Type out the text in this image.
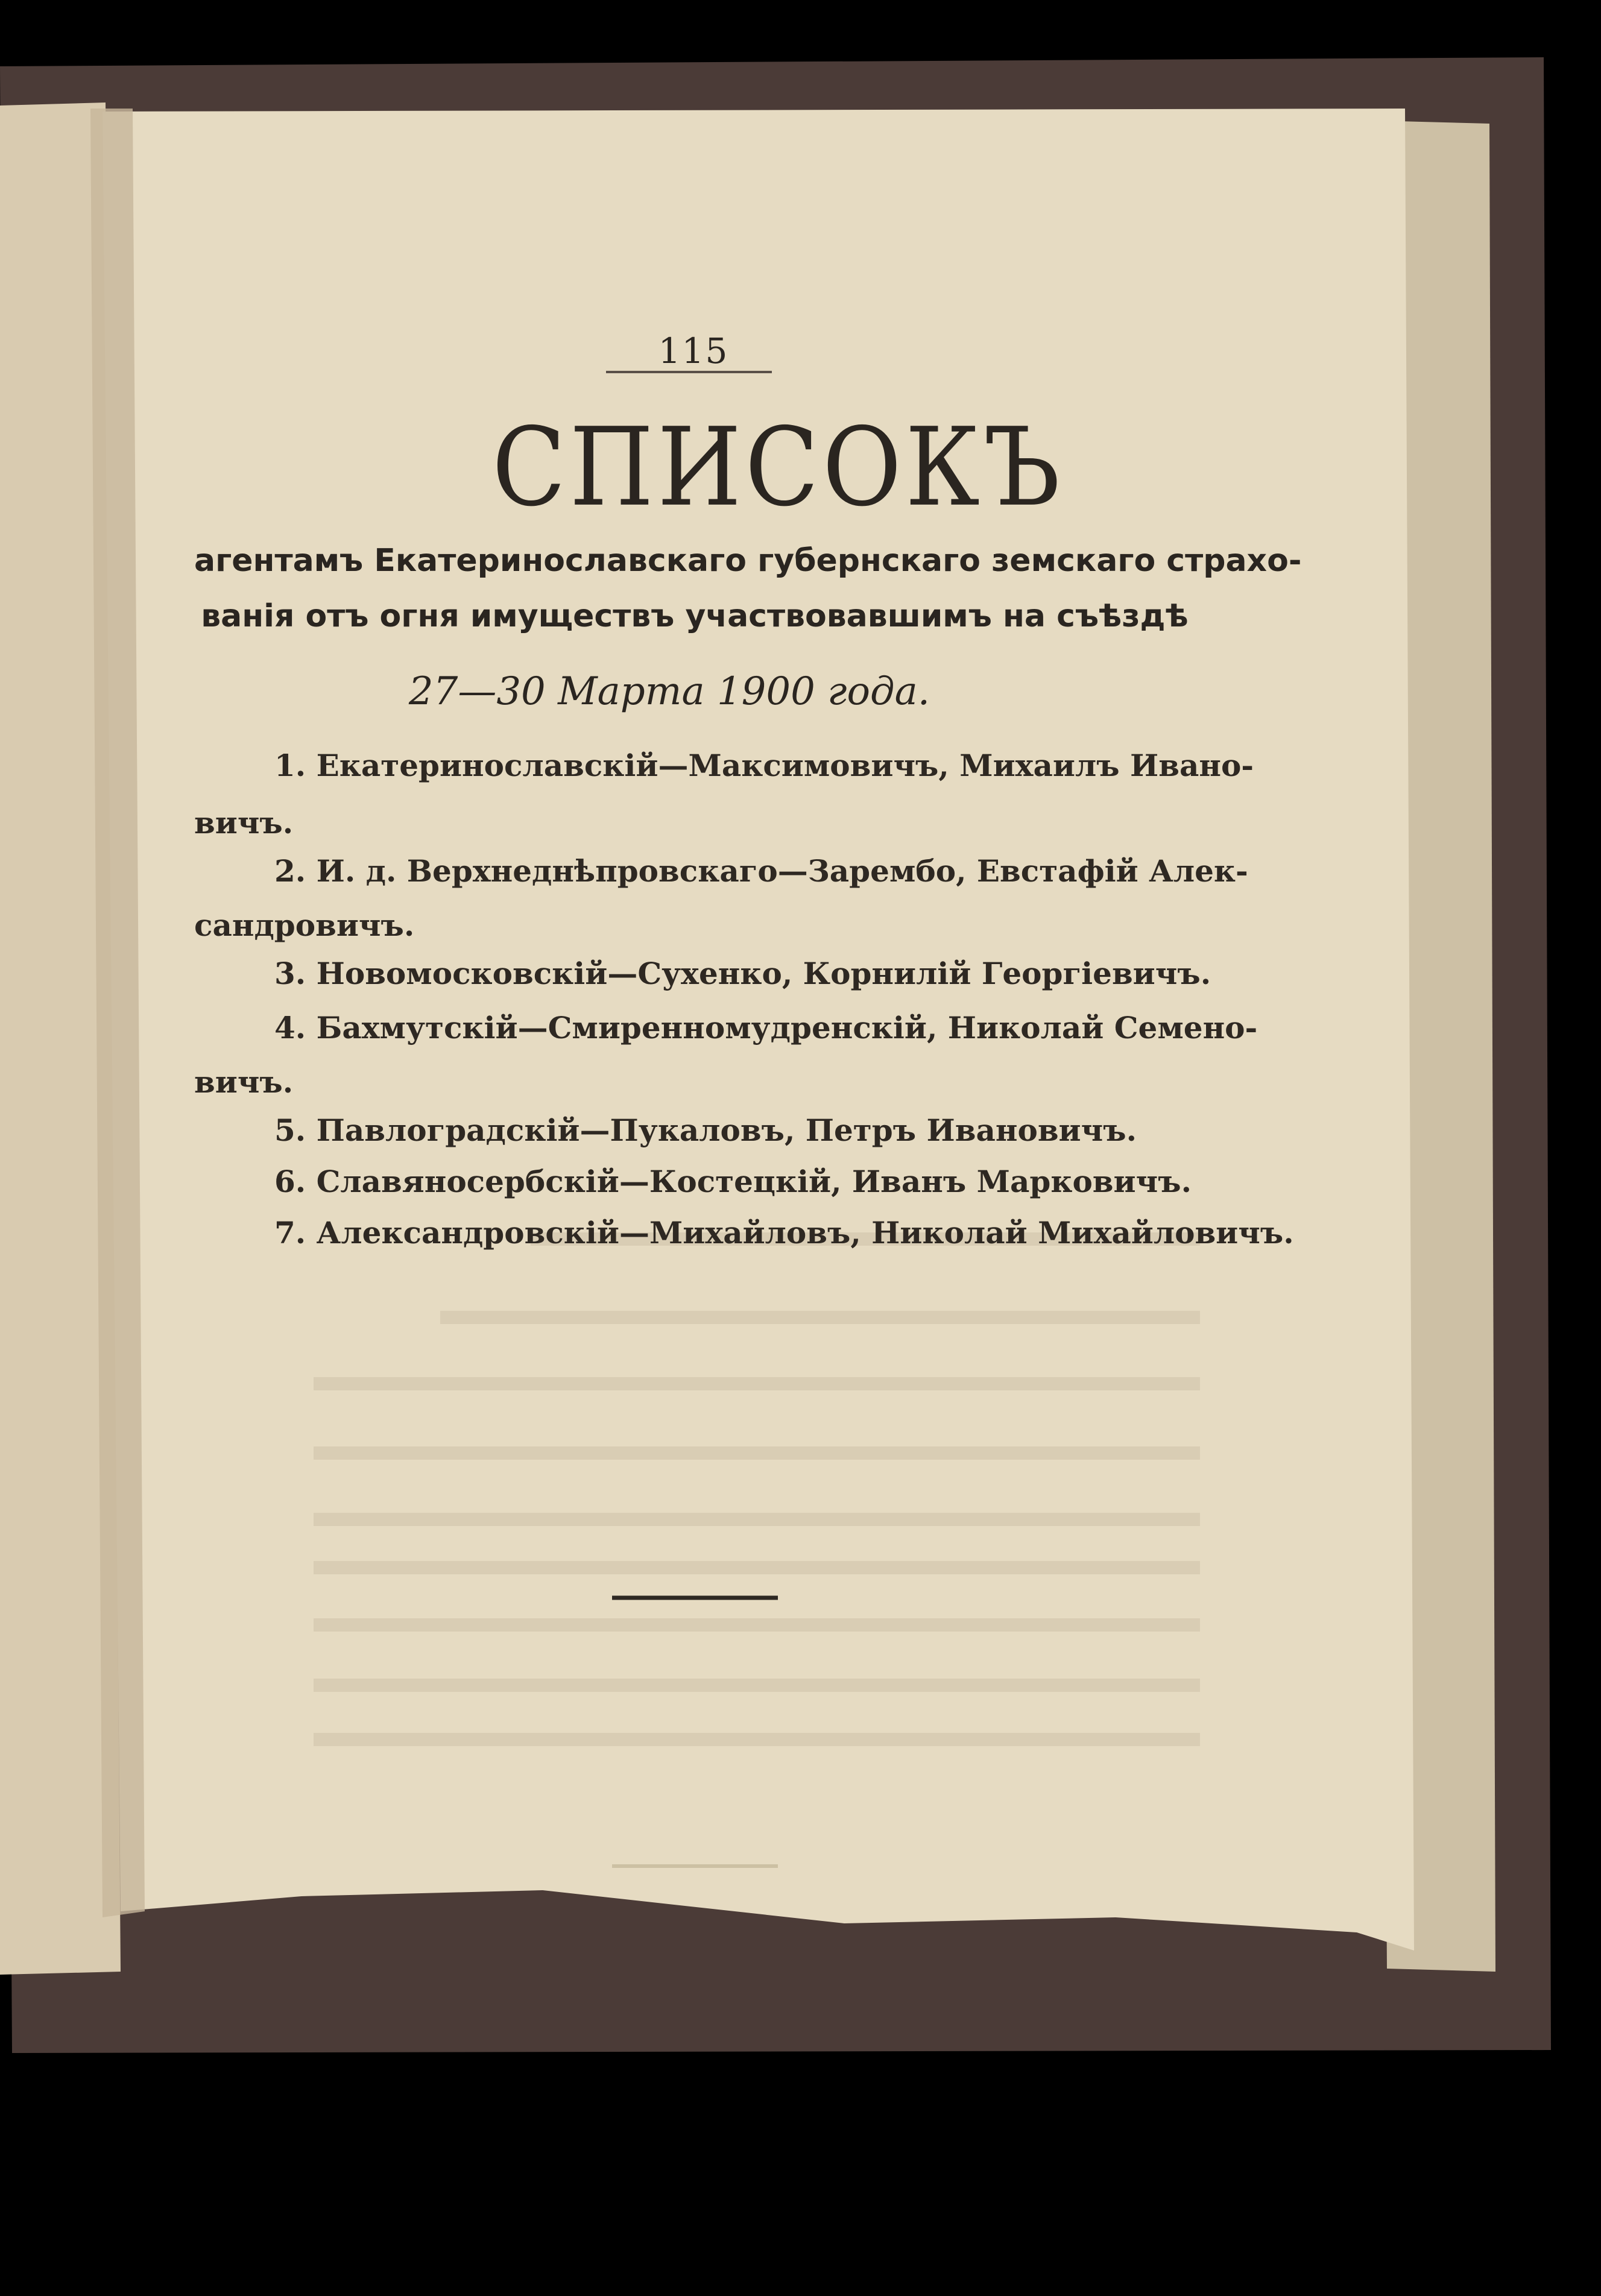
115
СПИСОКЪ
агентамъ Екатеринославскаго губернскаго земскаго страхо-
ванія отъ огня имуществъ участвовавшимъ на съѣздѣ
27—30 Марта 1900 года.
1. Екатеринославскій—Максимовичъ, Михаилъ Ивано-
вичъ.
2. И. д. Верхнеднѣпровскаго—Зарембо, Евстафій Алек-
сандровичъ.
3. Новомосковскій—Сухенко, Корнилій Георгіевичъ.
4. Бахмутскій—Смиренномудренскій, Николай Семено-
вичъ.
5. Павлоградскій—Пукаловъ, Петръ Ивановичъ.
6. Славяносербскій—Костецкій, Иванъ Марковичъ.
7. Александровскій—Михайловъ, Николай Михайловичъ.
